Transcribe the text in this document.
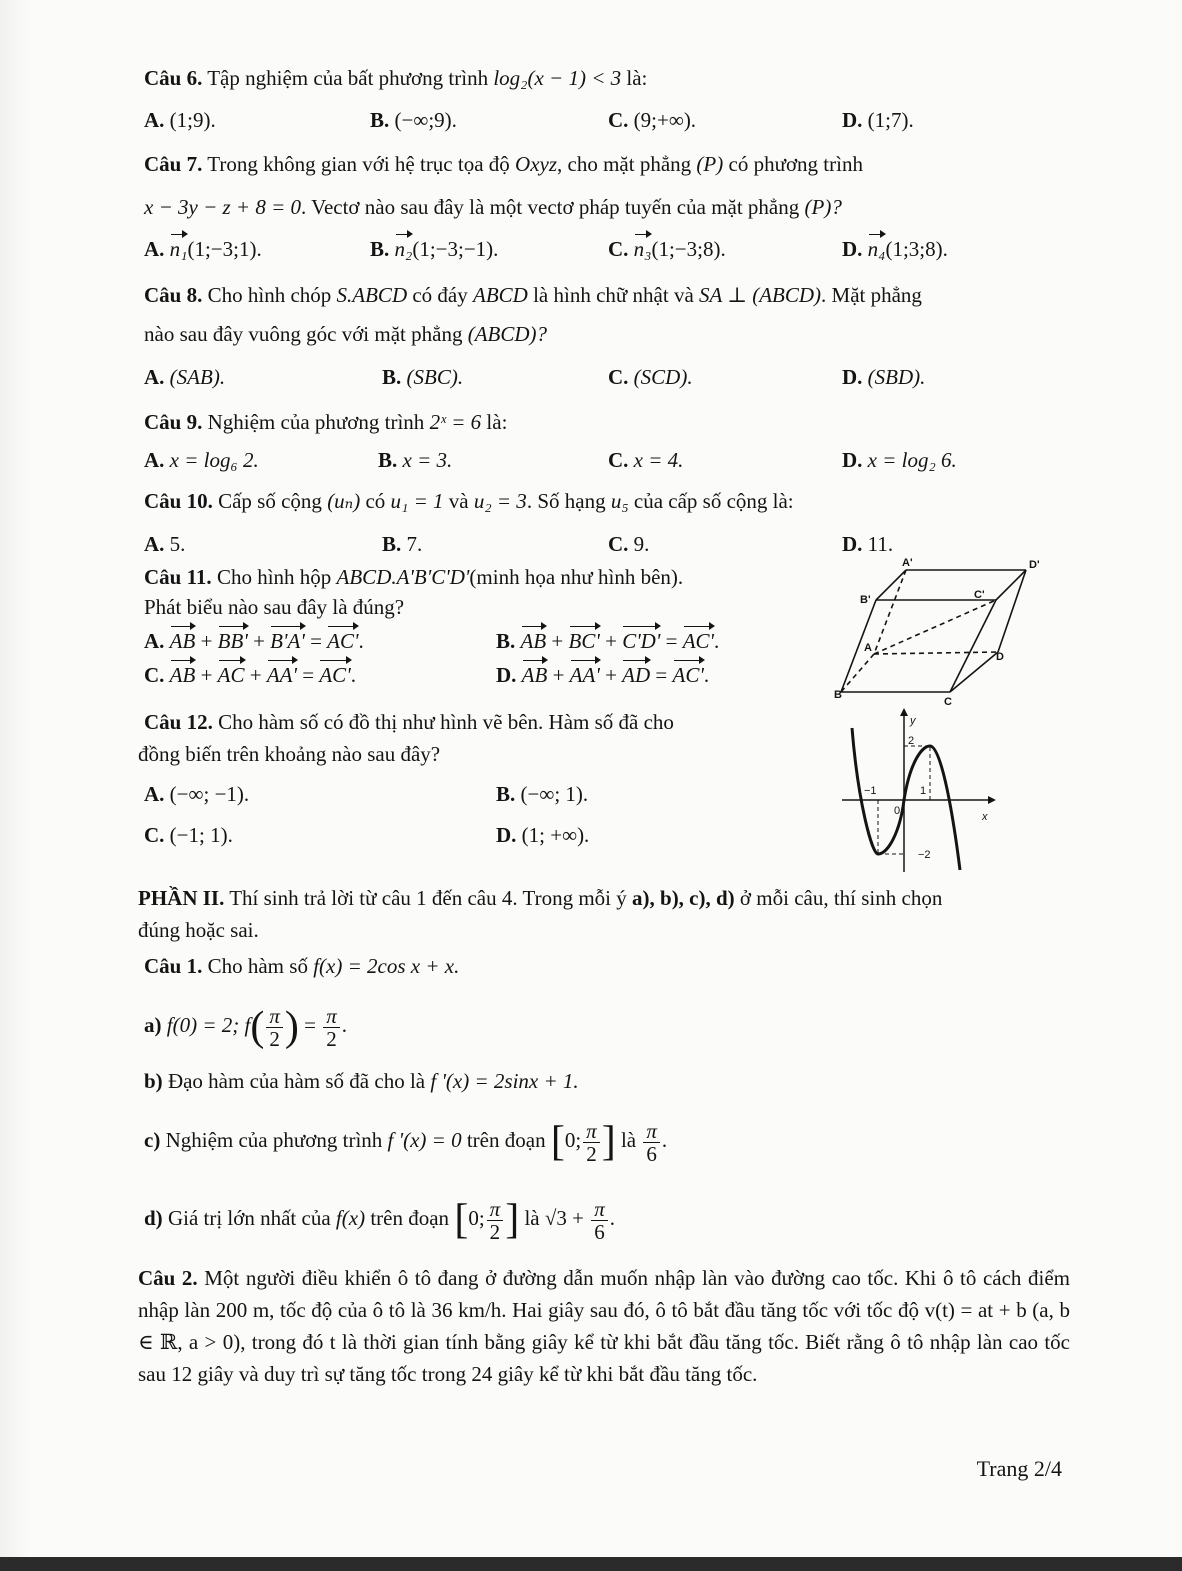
Câu 6. Tập nghiệm của bất phương trình log₂(x − 1) < 3 là:
A. (1;9).	B. (−∞;9).	C. (9;+∞).	D. (1;7).
Câu 7. Trong không gian với hệ trục tọa độ Oxyz, cho mặt phẳng (P) có phương trình
x − 3y − z + 8 = 0. Vectơ nào sau đây là một vectơ pháp tuyến của mặt phẳng (P)?
A. n₁(1;−3;1).	B. n₂(1;−3;−1).	C. n₃(1;−3;8).	D. n₄(1;3;8).
Câu 8. Cho hình chóp S.ABCD có đáy ABCD là hình chữ nhật và SA ⊥ (ABCD). Mặt phẳng
nào sau đây vuông góc với mặt phẳng (ABCD)?
A. (SAB).	B. (SBC).	C. (SCD).	D. (SBD).
Câu 9. Nghiệm của phương trình 2ˣ = 6 là:
A. x = log₆ 2.	B. x = 3.	C. x = 4.	D. x = log₂ 6.
Câu 10. Cấp số cộng (uₙ) có u₁ = 1 và u₂ = 3. Số hạng u₅ của cấp số cộng là:
A. 5.	B. 7.	C. 9.	D. 11.
Câu 11. Cho hình hộp ABCD.A'B'C'D'(minh họa như hình bên).
Phát biểu nào sau đây là đúng?
A. AB + BB' + B'A' = AC'.	B. AB + BC' + C'D' = AC'.
C. AB + AC + AA' = AC'.	D. AB + AA' + AD = AC'.
A'	D'
B'	C'
A
D
B
C
Câu 12. Cho hàm số có đồ thị như hình vẽ bên. Hàm số đã cho
đồng biến trên khoảng nào sau đây?
A. (−∞; −1).	B. (−∞; 1).
C. (−1; 1).	D. (1; +∞).
y
x
2
−1	1
0
−2
PHẦN II. Thí sinh trả lời từ câu 1 đến câu 4. Trong mỗi ý a), b), c), d) ở mỗi câu, thí sinh chọn
đúng hoặc sai.
Câu 1. Cho hàm số f(x) = 2cos x + x.
a) f(0) = 2; $f( \frac{\pi}{2}$ ) = $\frac{\pi}{2}$ .
b) Đạo hàm của hàm số đã cho là f '(x) = 2sinx + 1.
c) Nghiệm của phương trình f '(x) = 0 trên đoạn [0; $\frac{\pi}{2}$ ] là $\frac{\pi}{6}$ .
d) Giá trị lớn nhất của f(x) trên đoạn [0; $\frac{\pi}{2}$ ] là $√3 + \frac{\pi}{6}$ .
Câu 2. Một người điều khiển ô tô đang ở đường dẫn muốn nhập làn vào đường cao tốc. Khi ô tô cách điểm nhập làn 200 m, tốc độ của ô tô là 36 km/h. Hai giây sau đó, ô tô bắt đầu tăng tốc với tốc độ v(t) = at + b (a, b ∈ ℝ, a > 0), trong đó t là thời gian tính bằng giây kể từ khi bắt đầu tăng tốc. Biết rằng ô tô nhập làn cao tốc sau 12 giây và duy trì sự tăng tốc trong 24 giây kể từ khi bắt đầu tăng tốc.
Trang 2/4
